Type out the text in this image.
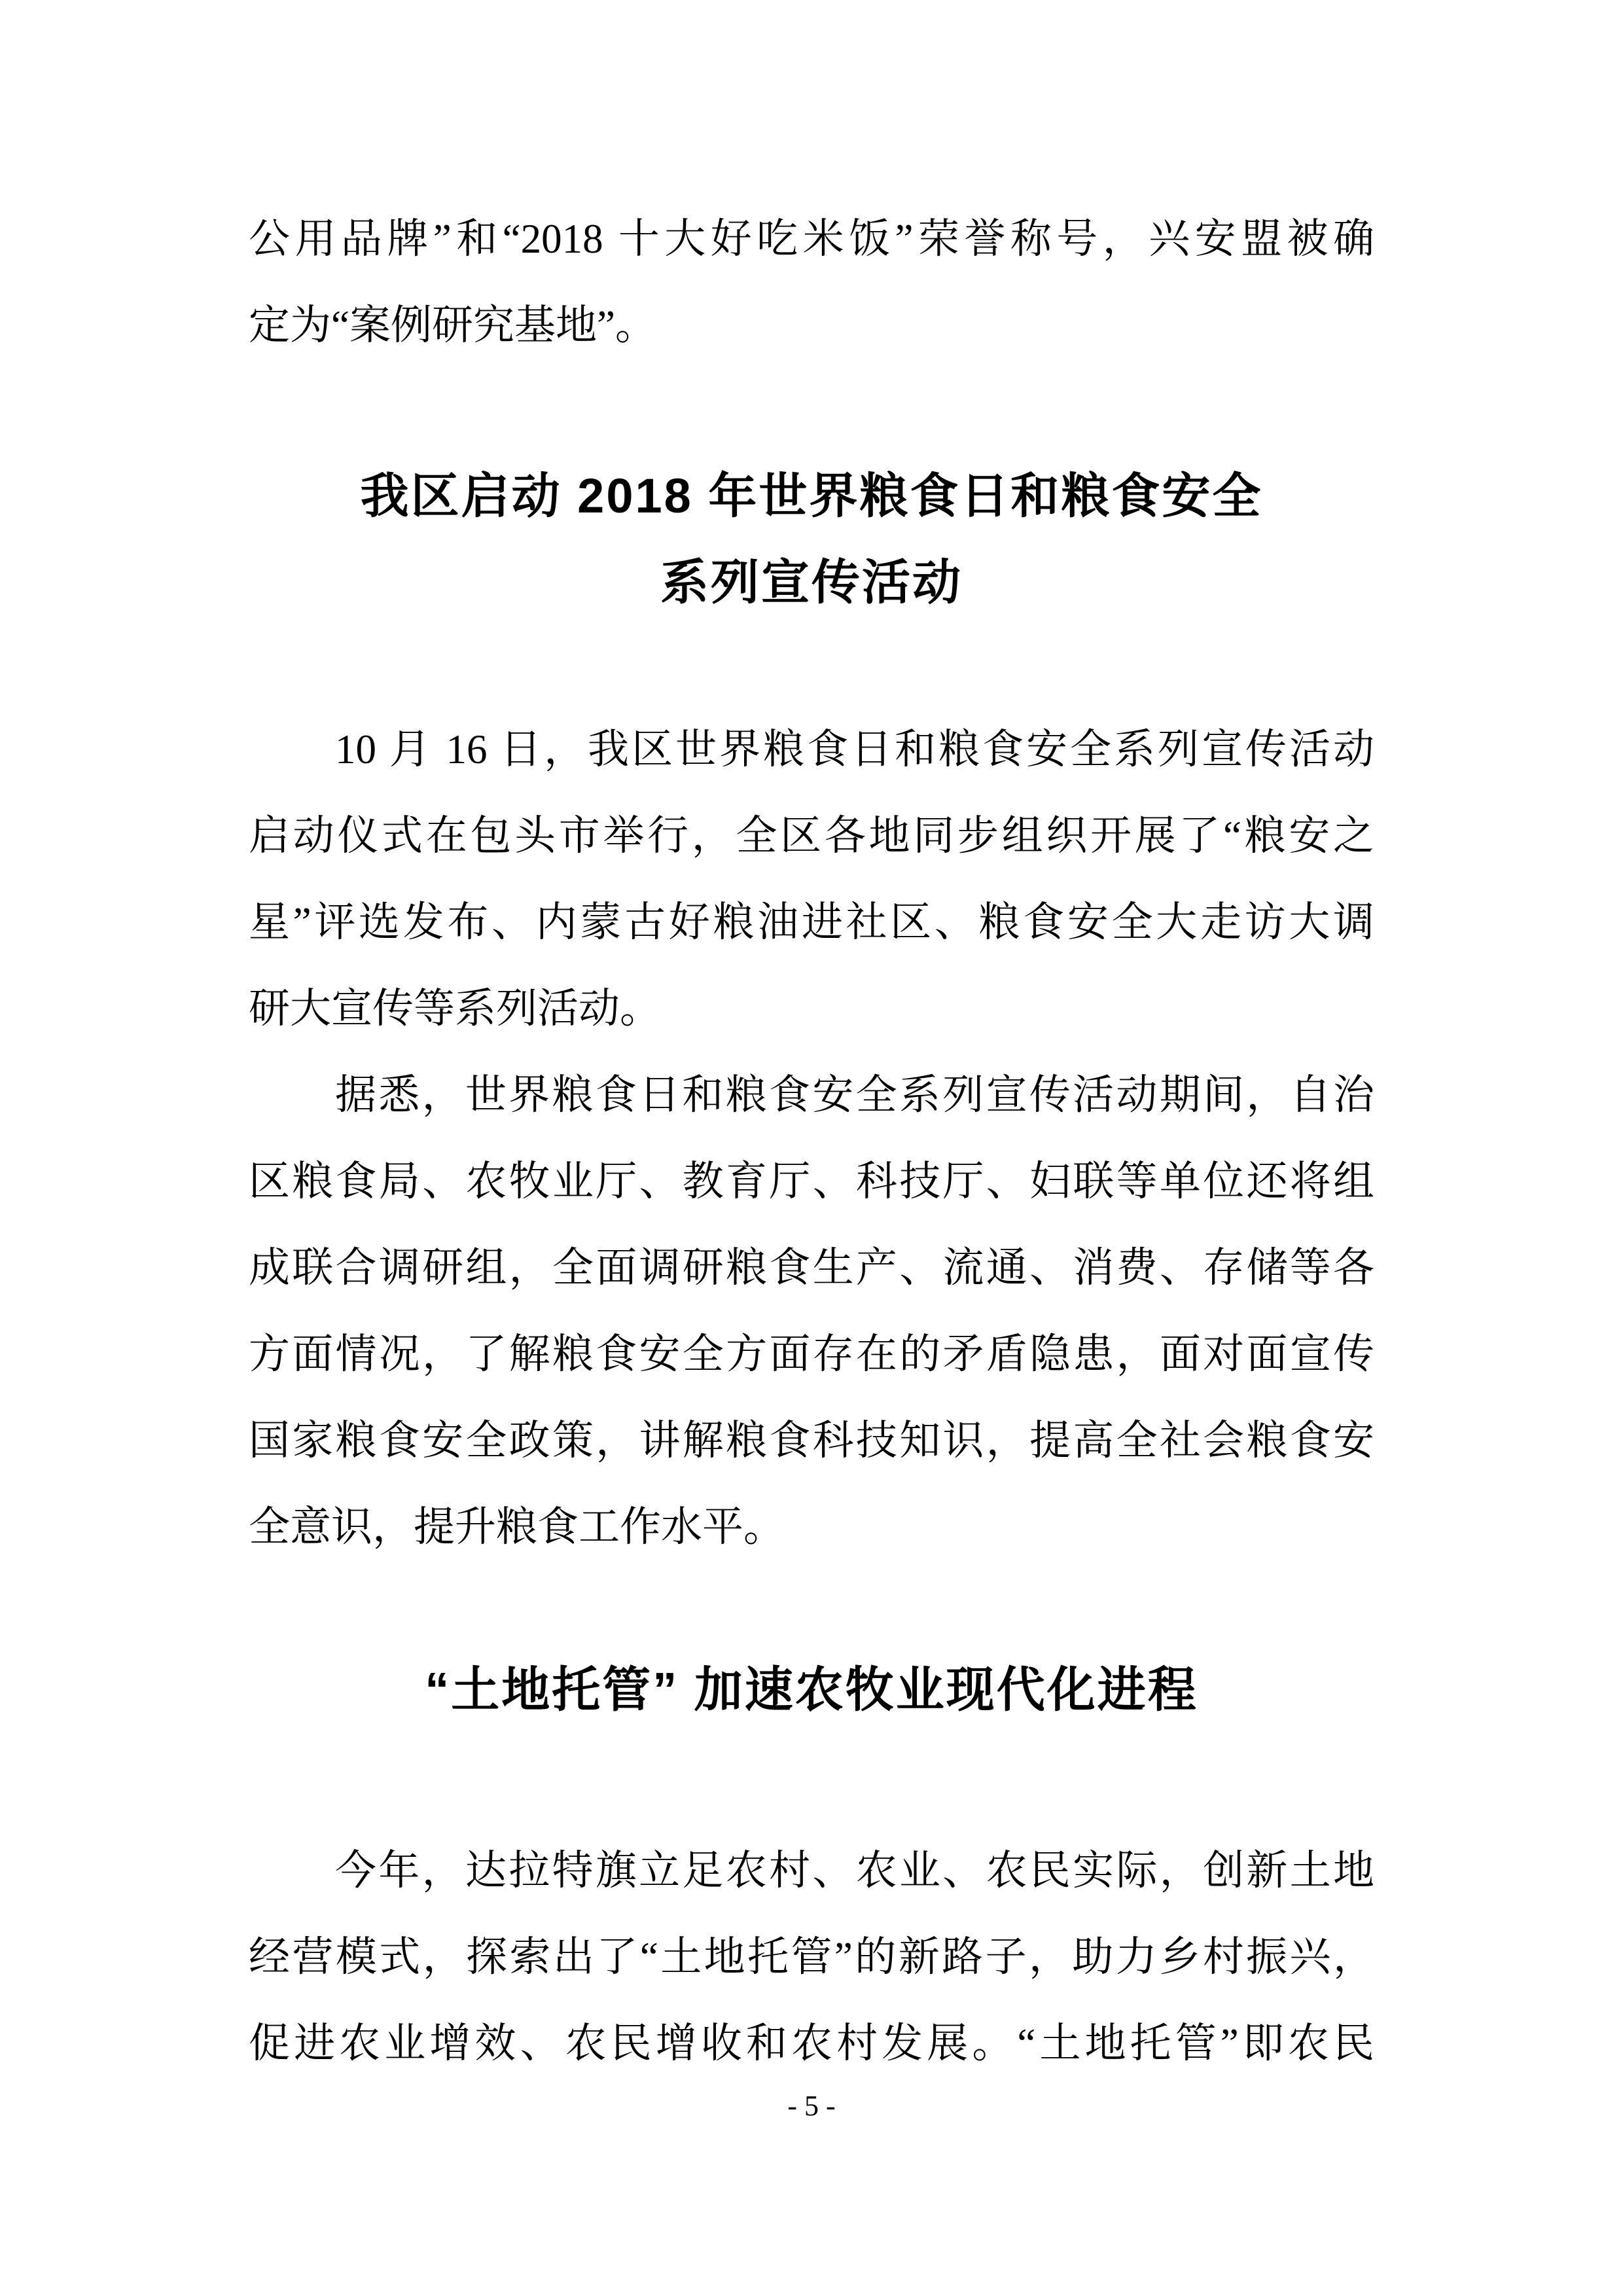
公用品牌”和“2018 十大好吃米饭”荣誉称号，兴安盟被确
定为“案例研究基地”。
我区启动 2018 年世界粮食日和粮食安全
系列宣传活动
10 月 16 日，我区世界粮食日和粮食安全系列宣传活动
启动仪式在包头市举行，全区各地同步组织开展了“粮安之
星”评选发布、内蒙古好粮油进社区、粮食安全大走访大调
研大宣传等系列活动。
据悉，世界粮食日和粮食安全系列宣传活动期间，自治
区粮食局、农牧业厅、教育厅、科技厅、妇联等单位还将组
成联合调研组，全面调研粮食生产、流通、消费、存储等各
方面情况，了解粮食安全方面存在的矛盾隐患，面对面宣传
国家粮食安全政策，讲解粮食科技知识，提高全社会粮食安
全意识，提升粮食工作水平。
“土地托管” 加速农牧业现代化进程
今年，达拉特旗立足农村、农业、农民实际，创新土地
经营模式，探索出了“土地托管”的新路子，助力乡村振兴，
促进农业增效、农民增收和农村发展。“土地托管”即农民
- 5 -
